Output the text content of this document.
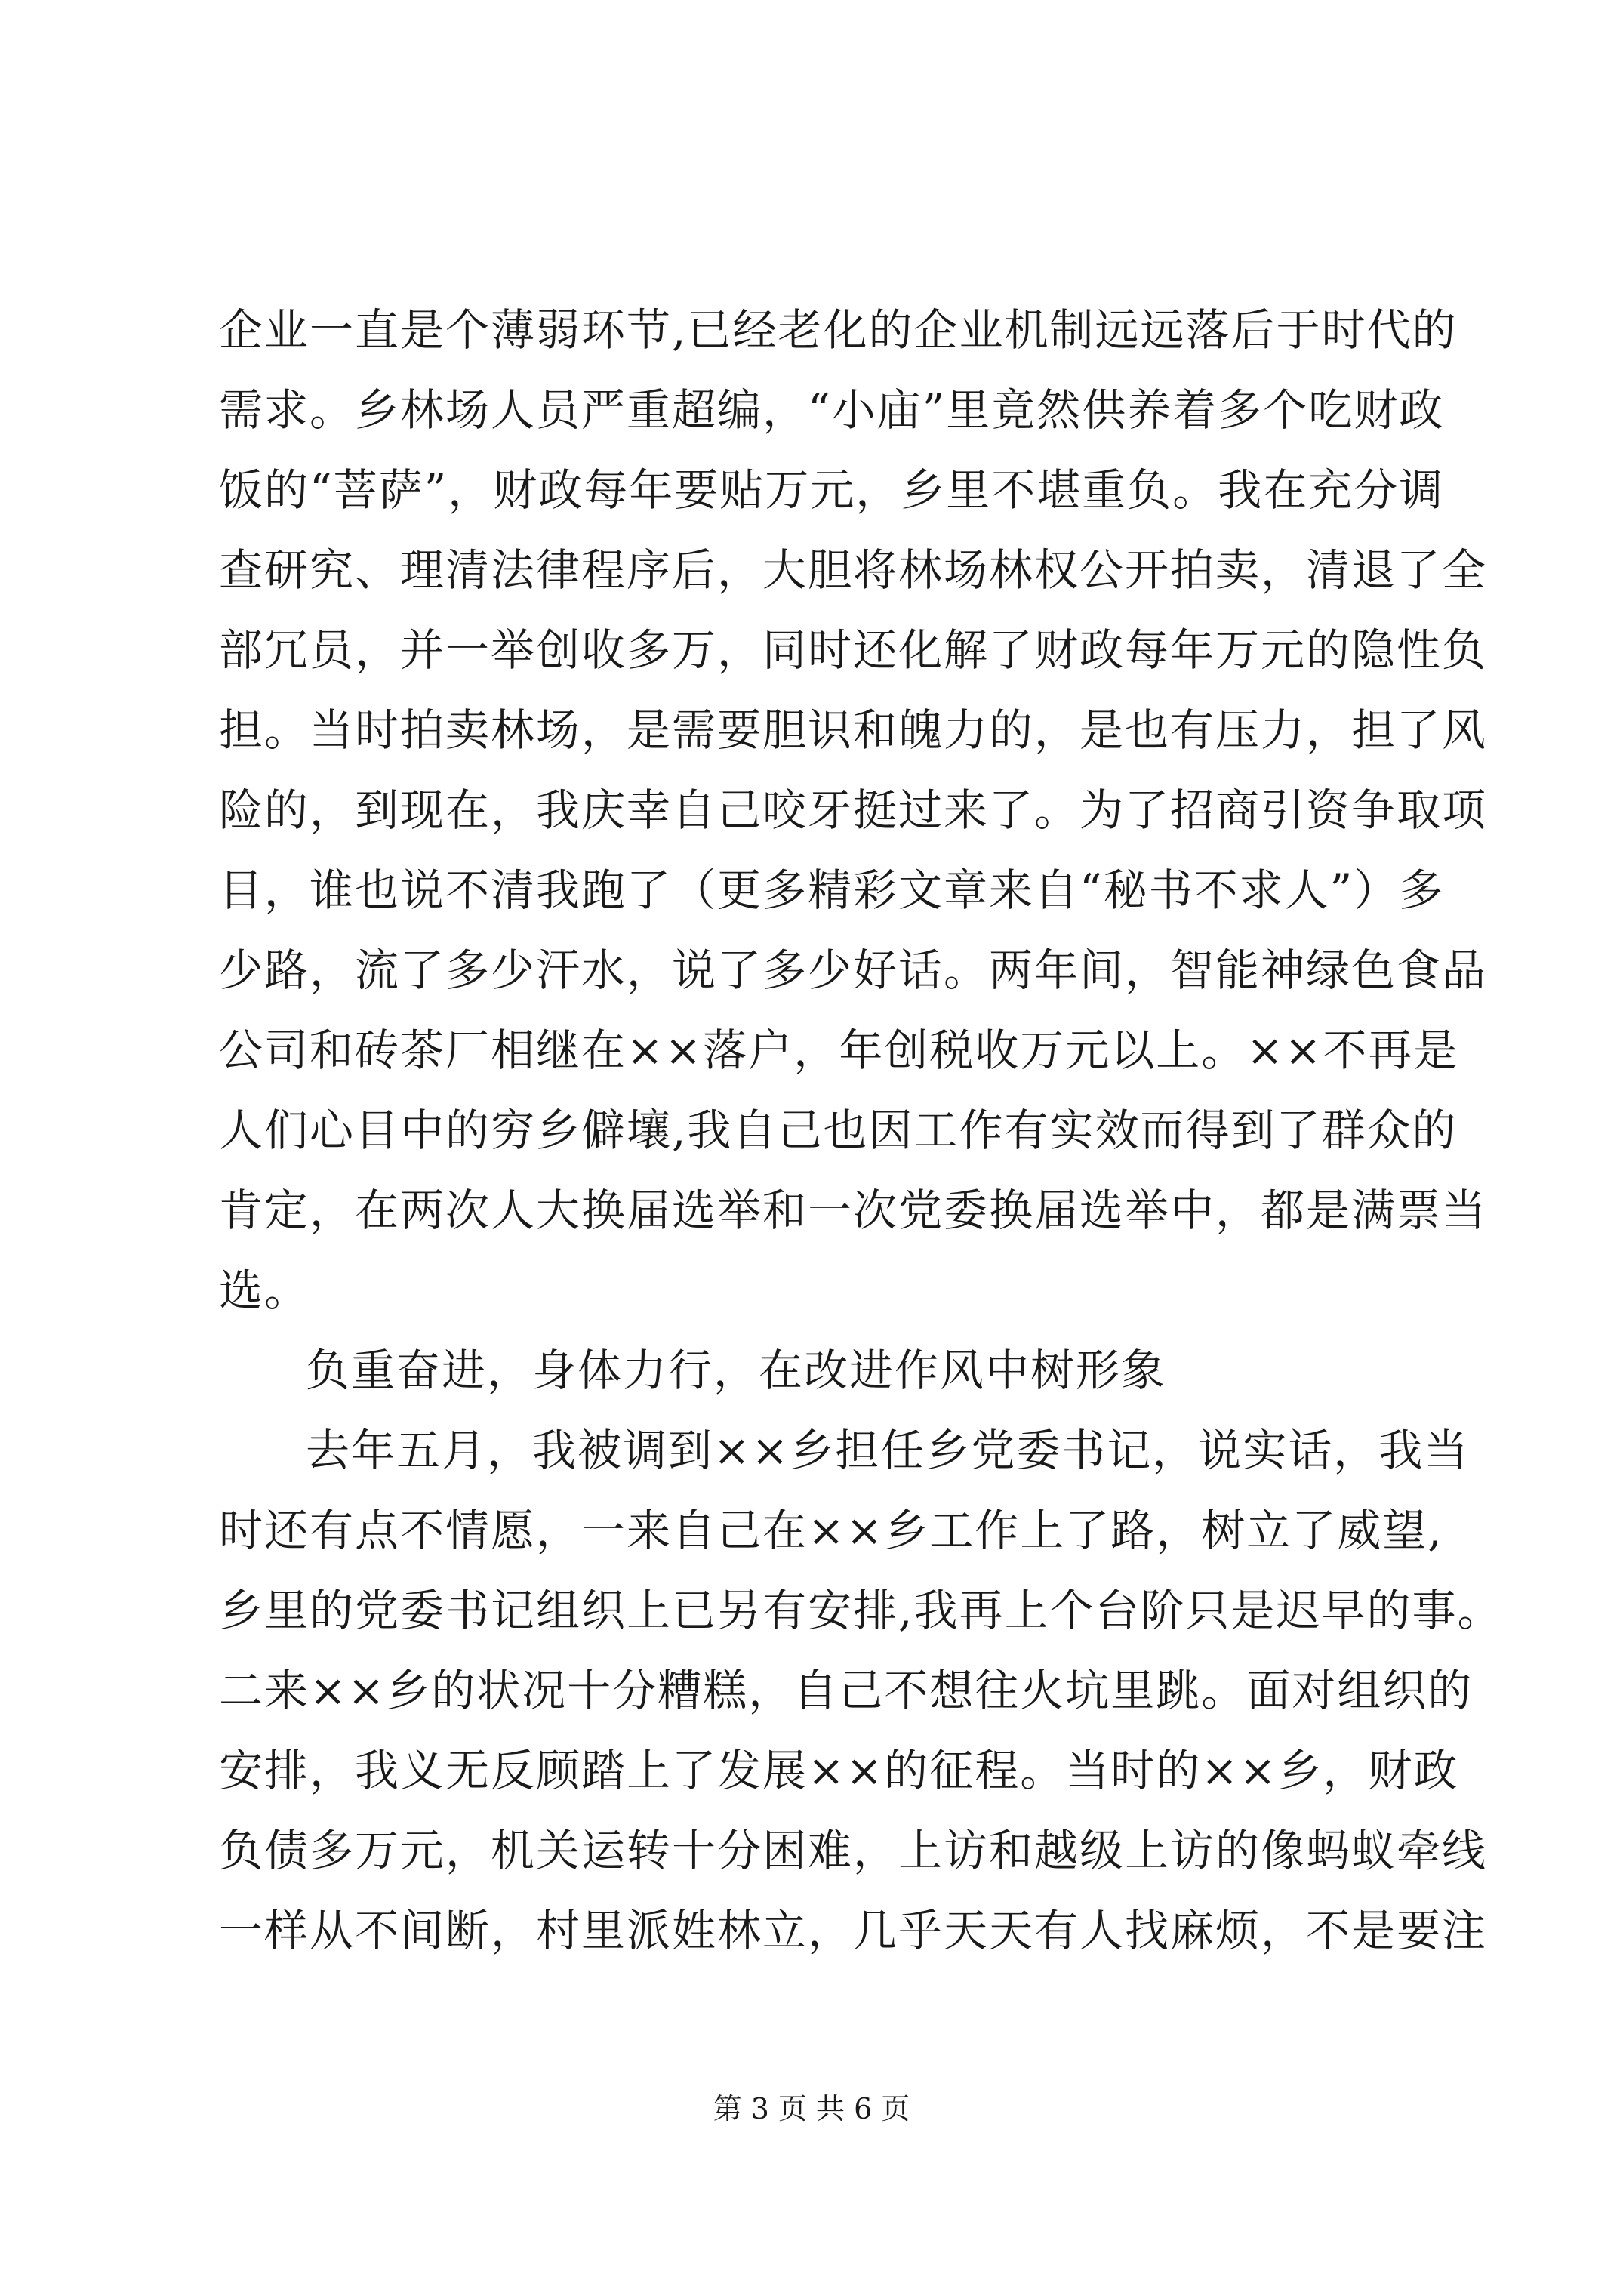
企业一直是个薄弱环节,已经老化的企业机制远远落后于时代的
需求。乡林场人员严重超编，“小庙”里竟然供养着多个吃财政
饭的“菩萨”，财政每年要贴万元，乡里不堪重负。我在充分调
查研究、理清法律程序后，大胆将林场林权公开拍卖，清退了全
部冗员，并一举创收多万，同时还化解了财政每年万元的隐性负
担。当时拍卖林场，是需要胆识和魄力的，是也有压力，担了风
险的，到现在，我庆幸自己咬牙挺过来了。为了招商引资争取项
目，谁也说不清我跑了（更多精彩文章来自“秘书不求人”）多
少路，流了多少汗水，说了多少好话。两年间，智能神绿色食品
公司和砖茶厂相继在××落户，年创税收万元以上。××不再是
人们心目中的穷乡僻壤,我自己也因工作有实效而得到了群众的
肯定，在两次人大换届选举和一次党委换届选举中，都是满票当
选。
负重奋进，身体力行，在改进作风中树形象
去年五月，我被调到××乡担任乡党委书记，说实话，我当
时还有点不情愿，一来自己在××乡工作上了路，树立了威望,
乡里的党委书记组织上已另有安排,我再上个台阶只是迟早的事。
二来××乡的状况十分糟糕，自己不想往火坑里跳。面对组织的
安排，我义无反顾踏上了发展××的征程。当时的××乡，财政
负债多万元，机关运转十分困难，上访和越级上访的像蚂蚁牵线
一样从不间断，村里派姓林立，几乎天天有人找麻烦，不是要注
第 3 页 共 6 页
